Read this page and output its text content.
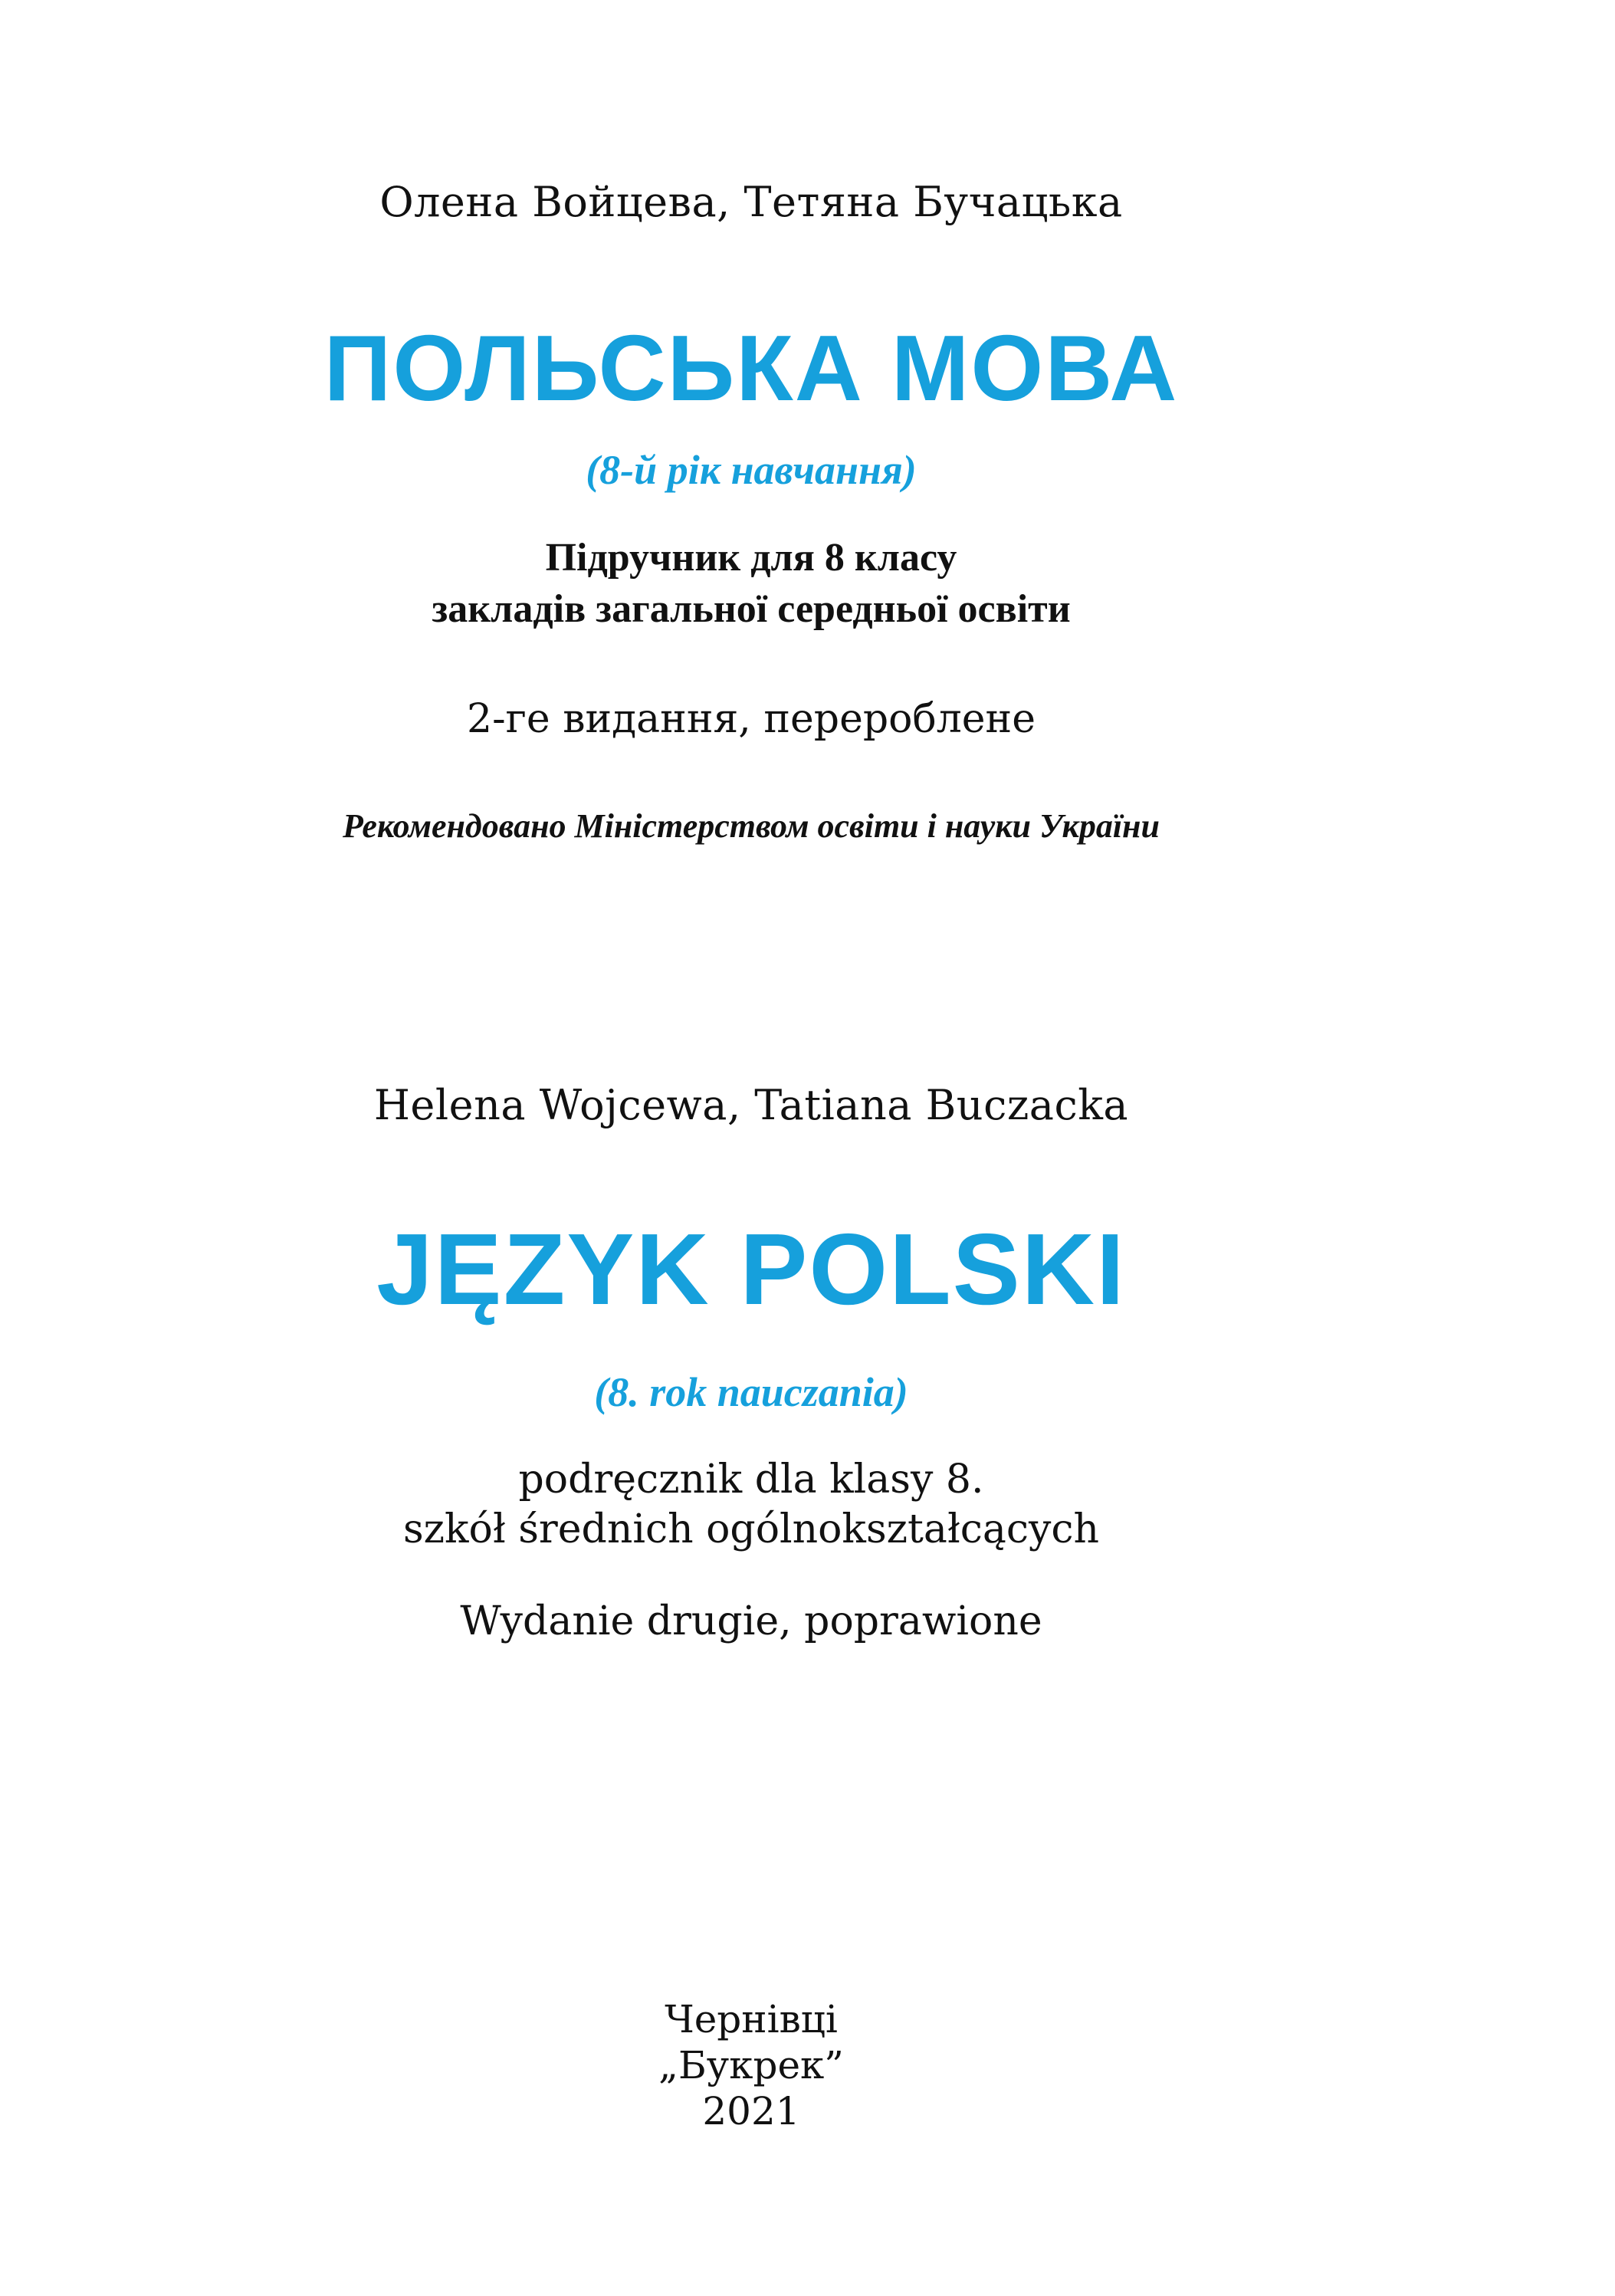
Олена Войцева, Тетяна Бучацька
ПОЛЬСЬКА МОВА
(8-й рік навчання)
Підручник для 8 класу
закладів загальної середньої освіти
2-ге видання, перероблене
Рекомендовано Міністерством освіти і науки України
Helena Wojcewa, Tatiana Buczacka
JĘZYK POLSKI
(8. rok nauczania)
podręcznik dla klasy 8.
szkół średnich ogólnokształcących
Wydanie drugie, poprawione
Чернівці
„Букрек”
2021
